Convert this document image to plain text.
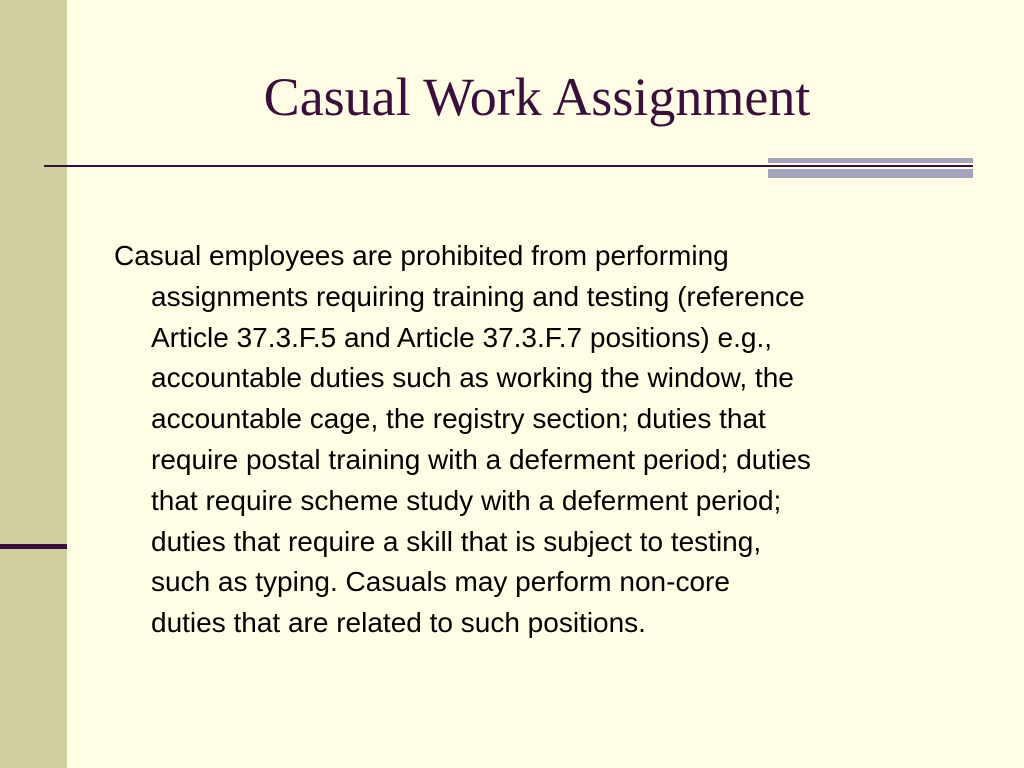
Casual Work Assignment

Casual employees are prohibited from performing
assignments requiring training and testing (reference
Article 37.3.F.5 and Article 37.3.F.7 positions) e.g.,
accountable duties such as working the window, the
accountable cage, the registry section; duties that
require postal training with a deferment period; duties
that require scheme study with a deferment period;
duties that require a skill that is subject to testing,
such as typing. Casuals may perform non-core
duties that are related to such positions.
